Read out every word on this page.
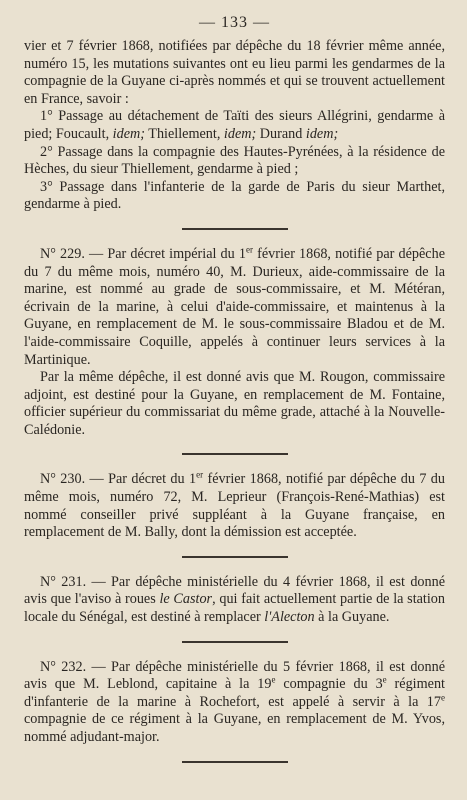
— 133 —

vier et 7 février 1868, notifiées par dépêche du 18 février même année, numéro 15, les mutations suivantes ont eu lieu parmi les gendarmes de la compagnie de la Guyane ci-après nommés et qui se trouvent actuellement en France, savoir :

1° Passage au détachement de Taïti des sieurs Allégrini, gendarme à pied; Foucault, idem; Thiellement, idem; Durand idem;

2° Passage dans la compagnie des Hautes-Pyrénées, à la résidence de Hèches, du sieur Thiellement, gendarme à pied ;

3° Passage dans l'infanterie de la garde de Paris du sieur Marthet, gendarme à pied.

N° 229. — Par décret impérial du 1er février 1868, notifié par dépêche du 7 du même mois, numéro 40, M. Durieux, aide-commissaire de la marine, est nommé au grade de sous-commissaire, et M. Météran, écrivain de la marine, à celui d'aide-commissaire, et maintenus à la Guyane, en remplacement de M. le sous-commissaire Bladou et de M. l'aide-commissaire Coquille, appelés à continuer leurs services à la Martinique.

Par la même dépêche, il est donné avis que M. Rougon, commissaire adjoint, est destiné pour la Guyane, en remplacement de M. Fontaine, officier supérieur du commissariat du même grade, attaché à la Nouvelle-Calédonie.

N° 230. — Par décret du 1er février 1868, notifié par dépêche du 7 du même mois, numéro 72, M. Leprieur (François-René-Mathias) est nommé conseiller privé suppléant à la Guyane française, en remplacement de M. Bally, dont la démission est acceptée.

N° 231. — Par dépêche ministérielle du 4 février 1868, il est donné avis que l'aviso à roues le Castor, qui fait actuellement partie de la station locale du Sénégal, est destiné à remplacer l'Alecton à la Guyane.

N° 232. — Par dépêche ministérielle du 5 février 1868, il est donné avis que M. Leblond, capitaine à la 19e compagnie du 3e régiment d'infanterie de la marine à Rochefort, est appelé à servir à la 17e compagnie de ce régiment à la Guyane, en remplacement de M. Yvos, nommé adjudant-major.
